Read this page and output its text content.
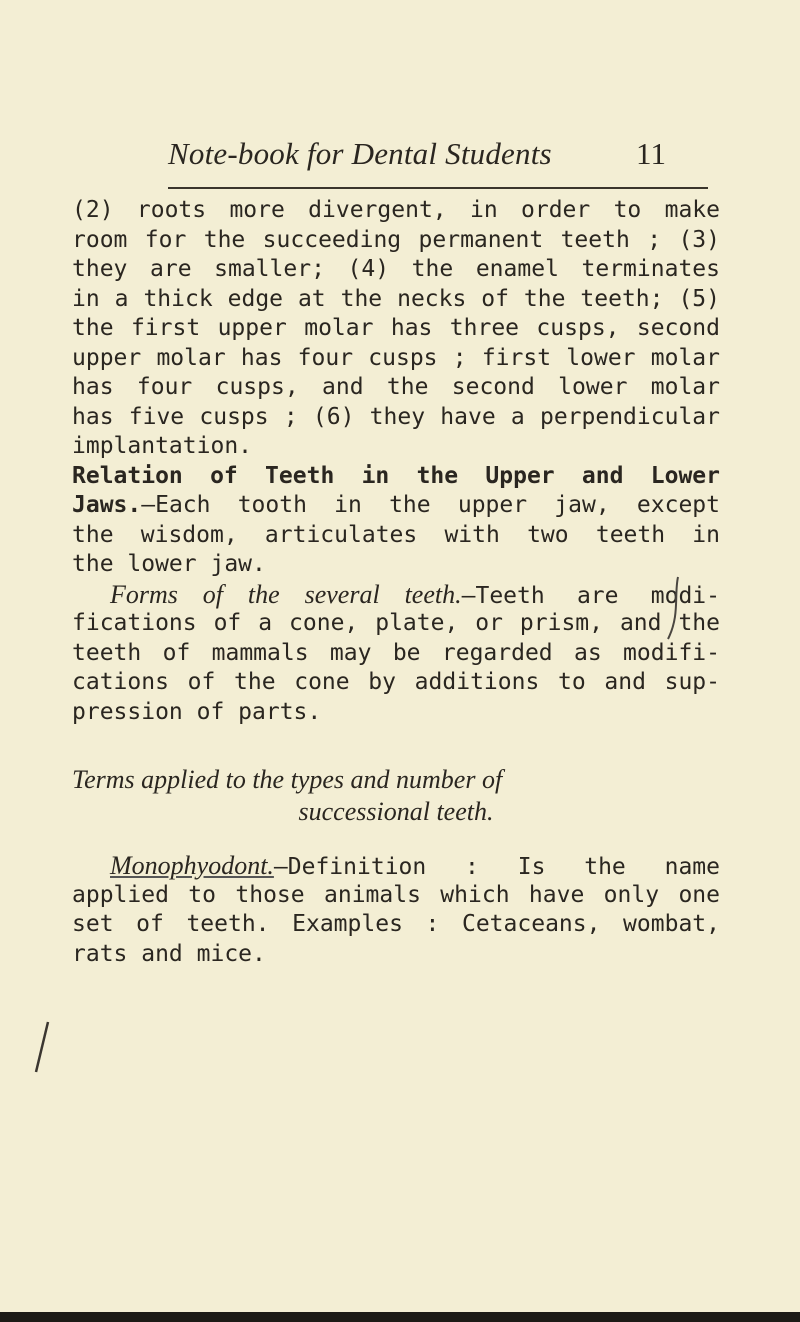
Note-book for Dental Students	11
(2) roots more divergent, in order to make
room for the succeeding permanent teeth ; (3)
they are smaller; (4) the enamel terminates
in a thick edge at the necks of the teeth; (5)
the first upper molar has three cusps, second
upper molar has four cusps ; first lower molar
has four cusps, and the second lower molar
has five cusps ; (6) they have a perpendicular
implantation.
Relation of Teeth in the Upper and Lower
Jaws.—Each tooth in the upper jaw, except
the wisdom, articulates with two teeth in
the lower jaw.
Forms of the several teeth.—Teeth are modi-
fications of a cone, plate, or prism, and the
teeth of mammals may be regarded as modifi-
cations of the cone by additions to and sup-
pression of parts.
Terms applied to the types and number of
successional teeth.
Monophyodont.—Definition : Is the name
applied to those animals which have only one
set of teeth. Examples : Cetaceans, wombat,
rats and mice.
